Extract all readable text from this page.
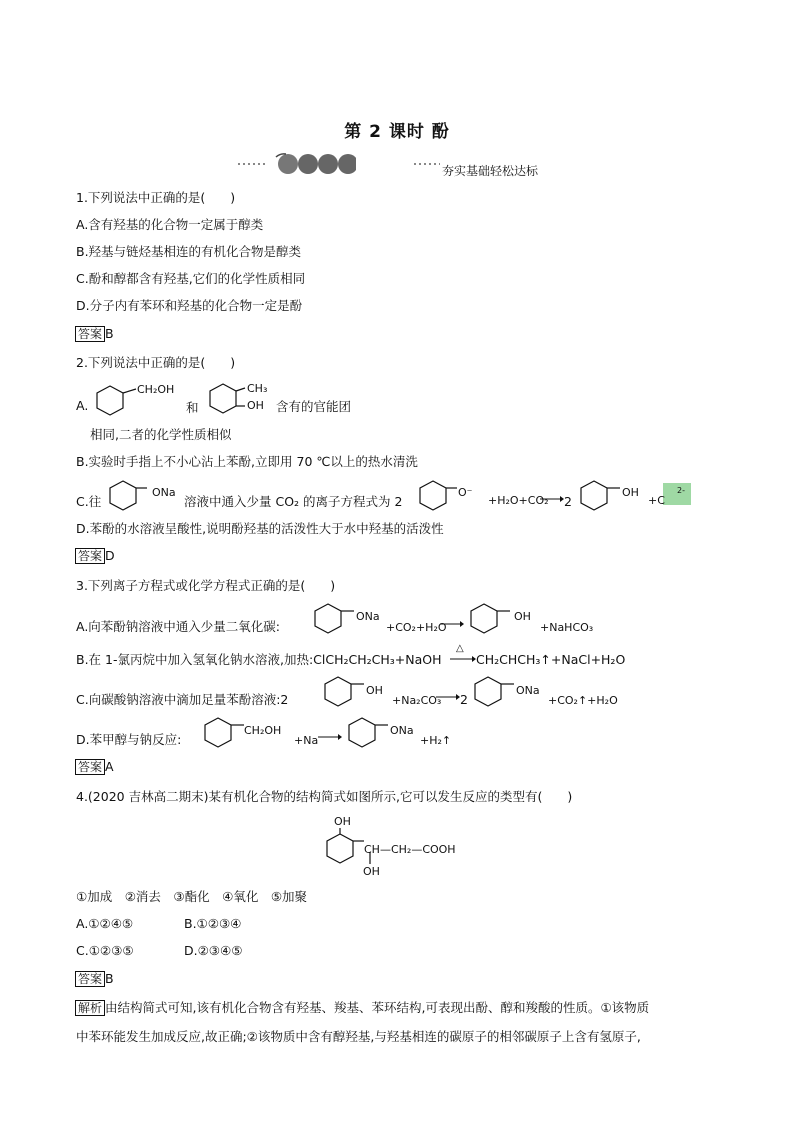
第 2 课时 酚
夯实基础轻松达标
1.下列说法中正确的是(　　)
A.含有羟基的化合物一定属于醇类
B.羟基与链烃基相连的有机化合物是醇类
C.酚和醇都含有羟基,它们的化学性质相同
D.分子内有苯环和羟基的化合物一定是酚
答案 B
2.下列说法中正确的是(　　)
A.
CH₂OH
和
CH₃
OH 含有的官能团
相同,二者的化学性质相似
B.实验时手指上不小心沾上苯酚,立即用 70 ℃以上的热水清洗
C.往
ONa
溶液中通入少量 CO₂ 的离子方程式为 2
O⁻
+H₂O+CO₂ → 2
OH
+C
2-
D.苯酚的水溶液呈酸性,说明酚羟基的活泼性大于水中羟基的活泼性
答案 D
3.下列离子方程式或化学方程式正确的是(　　)
A.向苯酚钠溶液中通入少量二氧化碳:
ONa
+CO₂+H₂O
OH
+NaHCO₃
B.在 1-氯丙烷中加入氢氧化钠水溶液,加热:ClCH₂CH₂CH₃+NaOH
△
→ CH₂CHCH₃↑+NaCl+H₂O
C.向碳酸钠溶液中滴加足量苯酚溶液:2
OH
+Na₂CO₃ → 2
ONa
+CO₂↑+H₂O
D.苯甲醇与钠反应:
CH₂OH
+Na →	ONa
+H₂↑
答案 A
4.(2020 吉林高二期末)某有机化合物的结构简式如图所示,它可以发生反应的类型有(　　)
OH
CH—CH₂—COOH
OH
①加成　②消去　③酯化　④氧化　⑤加聚
A.①②④⑤	B.①②③④
C.①②③⑤	D.②③④⑤
答案 B
解析 由结构简式可知,该有机化合物含有羟基、羧基、苯环结构,可表现出酚、醇和羧酸的性质。①该物质
中苯环能发生加成反应,故正确;②该物质中含有醇羟基,与羟基相连的碳原子的相邻碳原子上含有氢原子,
